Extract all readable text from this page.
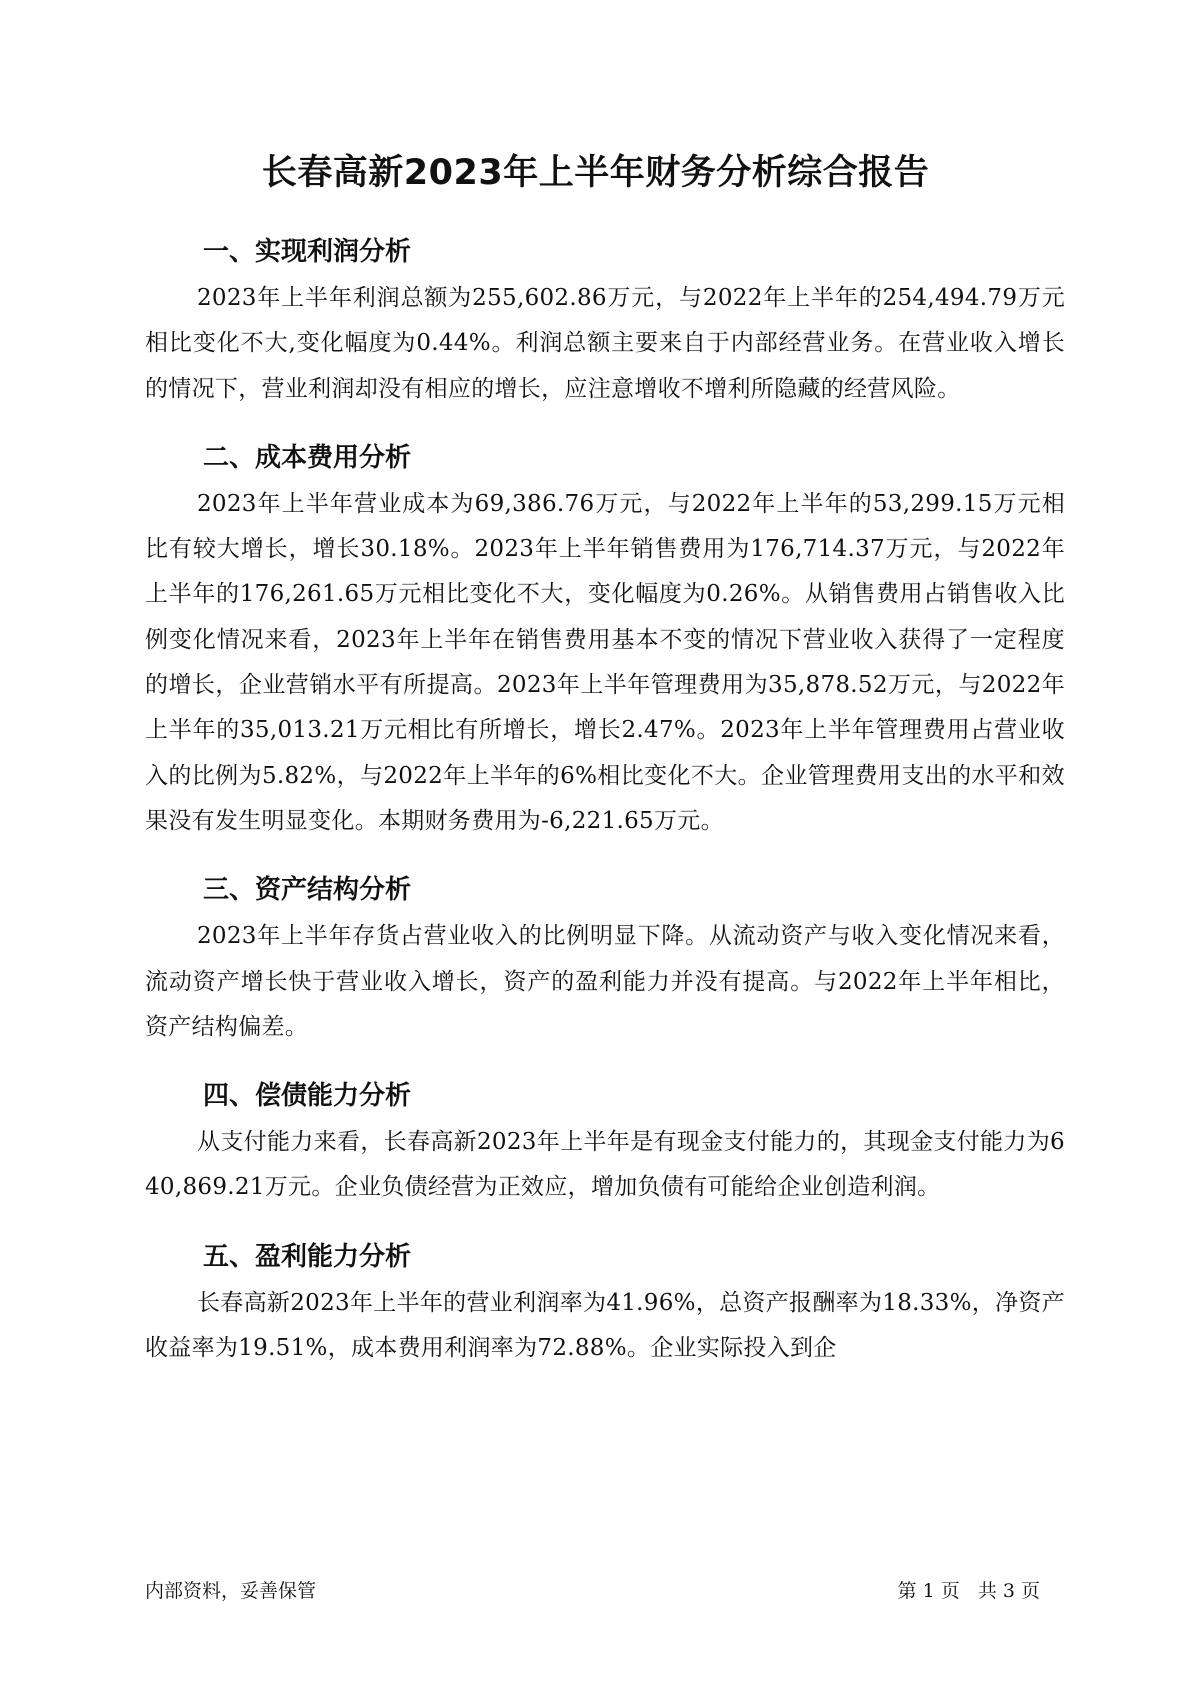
长春高新2023年上半年财务分析综合报告
一、实现利润分析

2023年上半年利润总额为255,602.86万元，与2022年上半年的254,494.79万元相比变化不大,变化幅度为0.44%。利润总额主要来自于内部经营业务。在营业收入增长的情况下，营业利润却没有相应的增长，应注意增收不增利所隐藏的经营风险。

二、成本费用分析

2023年上半年营业成本为69,386.76万元，与2022年上半年的53,299.15万元相比有较大增长，增长30.18%。2023年上半年销售费用为176,714.37万元，与2022年上半年的176,261.65万元相比变化不大，变化幅度为0.26%。从销售费用占销售收入比例变化情况来看，2023年上半年在销售费用基本不变的情况下营业收入获得了一定程度的增长，企业营销水平有所提高。2023年上半年管理费用为35,878.52万元，与2022年上半年的35,013.21万元相比有所增长，增长2.47%。2023年上半年管理费用占营业收入的比例为5.82%，与2022年上半年的6%相比变化不大。企业管理费用支出的水平和效果没有发生明显变化。本期财务费用为-6,221.65万元。

三、资产结构分析

2023年上半年存货占营业收入的比例明显下降。从流动资产与收入变化情况来看，流动资产增长快于营业收入增长，资产的盈利能力并没有提高。与2022年上半年相比，资产结构偏差。

四、偿债能力分析

从支付能力来看，长春高新2023年上半年是有现金支付能力的，其现金支付能力为640,869.21万元。企业负债经营为正效应，增加负债有可能给企业创造利润。

五、盈利能力分析

长春高新2023年上半年的营业利润率为41.96%，总资产报酬率为18.33%，净资产收益率为19.51%，成本费用利润率为72.88%。企业实际投入到企

内部资料，妥善保管	第 1 页   共 3 页
